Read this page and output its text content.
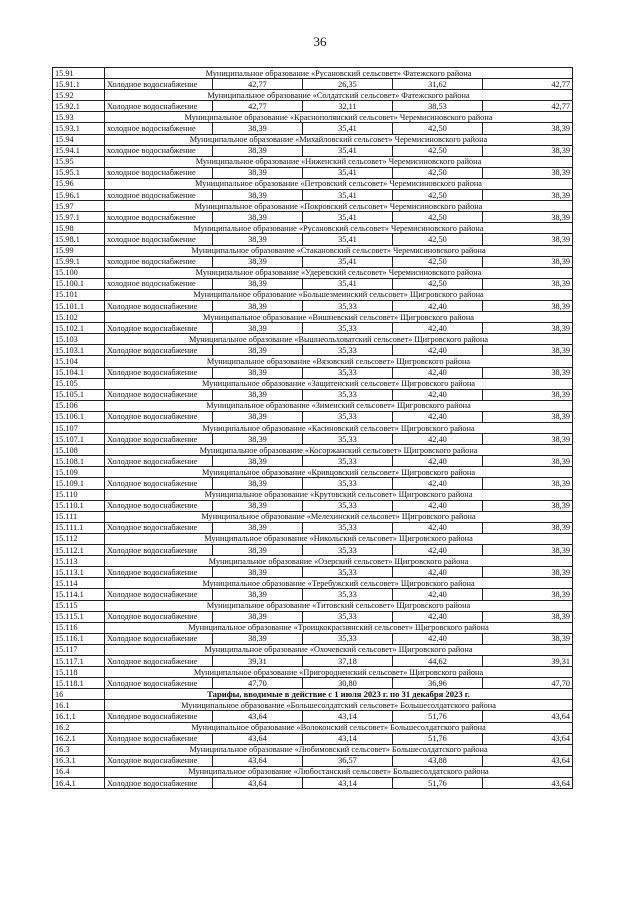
36
15.91	Муниципальное образование «Русановский сельсовет» Фатежского района				
15.91.1	Холодное водоснабжение	42,77	26,35	31,62	42,77
15.92	Муниципальное образование «Солдатский сельсовет» Фатежского района				
15.92.1	Холодное водоснабжение	42,77	32,11	38,53	42,77
15.93	Муниципальное образование «Краснополянский сельсовет» Черемисиновского района				
15.93.1	холодное водоснабжение	38,39	35,41	42,50	38,39
15.94	Муниципальное образование «Михайловский сельсовет» Черемисиновского района				
15.94.1	холодное водоснабжение	38,39	35,41	42,50	38,39
15.95	Муниципальное образование «Ниженский сельсовет» Черемисиновского района				
15.95.1	холодное водоснабжение	38,39	35,41	42,50	38,39
15.96	Муниципальное образование «Петровский сельсовет» Черемисиновского района				
15.96.1	холодное водоснабжение	38,39	35,41	42,50	38,39
15.97	Муниципальное образование «Покровский сельсовет» Черемисиновского района				
15.97.1	холодное водоснабжение	38,39	35,41	42,50	38,39
15.98	Муниципальное образование «Русановский сельсовет» Черемисиновского района				
15.98.1	холодное водоснабжение	38,39	35,41	42,50	38,39
15.99	Муниципальное образование «Стакановский сельсовет» Черемисиновского района				
15.99.1	холодное водоснабжение	38,39	35,41	42,50	38,39
15.100	Муниципальное образование «Удеревский сельсовет» Черемисиновского района				
15.100.1	холодное водоснабжение	38,39	35,41	42,50	38,39
15.101	Муниципальное образование «Большезмеинский сельсовет» Щигровского района				
15.101.1	Холодное водоснабжение	38,39	35,33	42,40	38,39
15.102	Муниципальное образование «Вишневский сельсовет» Щигровского района				
15.102.1	Холодное водоснабжение	38,39	35,33	42,40	38,39
15.103	Муниципальное образование «Вышнеольховатский сельсовет» Щигровского района				
15.103.1	Холодное водоснабжение	38,39	35,33	42,40	38,39
15.104	Муниципальное образование «Вязовский сельсовет» Щигровского района				
15.104.1	Холодное водоснабжение	38,39	35,33	42,40	38,39
15.105	Муниципальное образование «Защитенский сельсовет» Щигровского района				
15.105.1	Холодное водоснабжение	38,39	35,33	42,40	38,39
15.106	Муниципальное образование «Зименский сельсовет» Щигровского района				
15.106.1	Холодное водоснабжение	38,39	35,33	42,40	38,39
15.107	Муниципальное образование «Касиновский сельсовет» Щигровского района				
15.107.1	Холодное водоснабжение	38,39	35,33	42,40	38,39
15.108	Муниципальное образование «Косоржанский сельсовет» Щигровского района				
15.108.1	Холодное водоснабжение	38,39	35,33	42,40	38,39
15.109	Муниципальное образование «Кривцовский сельсовет» Щигровского района				
15.109.1	Холодное водоснабжение	38,39	35,33	42,40	38,39
15.110	Муниципальное образование «Крутовский сельсовет» Щигровского района				
15.110.1	Холодное водоснабжение	38,39	35,33	42,40	38,39
15.111	Муниципальное образование «Мелехинский сельсовет» Щигровского района				
15.111.1	Холодное водоснабжение	38,39	35,33	42,40	38,39
15.112	Муниципальное образование «Никольский сельсовет» Щигровского района				
15.112.1	Холодное водоснабжение	38,39	35,33	42,40	38,39
15.113	Муниципальное образование «Озерский сельсовет» Щигровского района				
15.113.1	Холодное водоснабжение	38,39	35,33	42,40	38,39
15.114	Муниципальное образование «Теребужский сельсовет» Щигровского района				
15.114.1	Холодное водоснабжение	38,39	35,33	42,40	38,39
15.115	Муниципальное образование «Титовский сельсовет» Щигровского района				
15.115.1	Холодное водоснабжение	38,39	35,33	42,40	38,39
15.116	Муниципальное образование «Троицкокраснянский сельсовет» Щигровского района				
15.116.1	Холодное водоснабжение	38,39	35,33	42,40	38,39
15.117	Муниципальное образование «Охочевский сельсовет» Щигровского района				
15.117.1	Холодное водоснабжение	39,31	37,18	44,62	39,31
15.118	Муниципальное образование «Пригородненский сельсовет» Щигровского района				
15.118.1	Холодное водоснабжение	47,70	30,80	36,96	47,70
16	Тарифы, вводимые в действие с 1 июля 2023 г. по 31 декабря 2023 г.				
16.1	Муниципальное образование «Большесолдатский сельсовет» Большесолдатского района				
16.1.1	Холодное водоснабжение	43,64	43,14	51,76	43,64
16.2	Муниципальное образование «Волоконский сельсовет» Большесолдатского района				
16.2.1	Холодное водоснабжение	43,64	43,14	51,76	43,64
16.3	Муниципальное образование «Любимовский сельсовет» Большесолдатского района				
16.3.1	Холодное водоснабжение	43,64	36,57	43,88	43,64
16.4	Муниципальное образование «Любостанский сельсовет» Большесолдатского района				
16.4.1	Холодное водоснабжение	43,64	43,14	51,76	43,64
